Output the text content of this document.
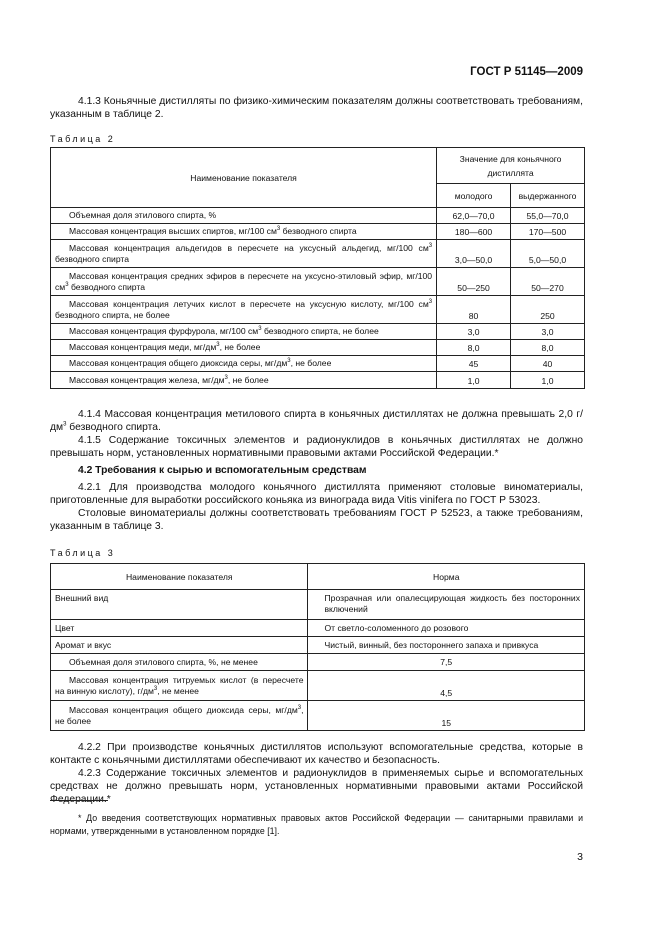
ГОСТ Р 51145—2009

4.1.3 Коньячные дистилляты по физико-химическим показателям должны соответствовать требованиям, указанным в таблице 2.

Таблица 2
Наименование показателя	Значение для коньячного дистиллята	
	молодого	выдержанного
Объемная доля этилового спирта, %	62,0—70,0	55,0—70,0
Массовая концентрация высших спиртов, мг/100 $см^3$ безводного спирта	180—600	170—500
Массовая концентрация альдегидов в пересчете на уксусный альдегид, мг/100 $см^3$ безводного спирта	3,0—50,0	5,0—50,0
Массовая концентрация средних эфиров в пересчете на уксусно-этиловый эфир, мг/100 $см^3$ безводного спирта	50—250	50—270
Массовая концентрация летучих кислот в пересчете на уксусную кислоту, мг/100 $см^3$ безводного спирта, не более	80	250
Массовая концентрация фурфурола, мг/100 $см^3$ безводного спирта, не более	3,0	3,0
Массовая концентрация меди, $мг/дм^3$, не более	8,0	8,0
Массовая концентрация общего диоксида серы, $мг/дм^3$, не более	45	40
Массовая концентрация железа, $мг/дм^3$, не более	1,0	1,0

4.1.4 Массовая концентрация метилового спирта в коньячных дистиллятах не должна превышать 2,0 $г/дм^3$ безводного спирта.

4.1.5 Содержание токсичных элементов и радионуклидов в коньячных дистиллятах не должно превышать норм, установленных нормативными правовыми актами Российской Федерации.*

4.2 Требования к сырью и вспомогательным средствам

4.2.1 Для производства молодого коньячного дистиллята применяют столовые виноматериалы, приготовленные для выработки российского коньяка из винограда вида Vitis vinifera по ГОСТ Р 53023.

Столовые виноматериалы должны соответствовать требованиям ГОСТ Р 52523, а также требованиям, указанным в таблице 3.

Таблица 3
Наименование показателя	Норма
Внешний вид	Прозрачная или опалесцирующая жидкость без посторонних включений
Цвет	От светло-соломенного до розового
Аромат и вкус	Чистый, винный, без постороннего запаха и привкуса
Объемная доля этилового спирта, %, не менее	7,5
Массовая концентрация титруемых кислот (в пересчете на винную кислоту), $г/дм^3$, не менее	4,5
Массовая концентрация общего диоксида серы, $мг/дм^3$, не более	15

4.2.2 При производстве коньячных дистиллятов используют вспомогательные средства, которые в контакте с коньячными дистиллятами обеспечивают их качество и безопасность.

4.2.3 Содержание токсичных элементов и радионуклидов в применяемых сырье и вспомогательных средствах не должно превышать норм, установленных нормативными правовыми актами Российской Федерации.*

* До введения соответствующих нормативных правовых актов Российской Федерации — санитарными правилами и нормами, утвержденными в установленном порядке [1].

3
